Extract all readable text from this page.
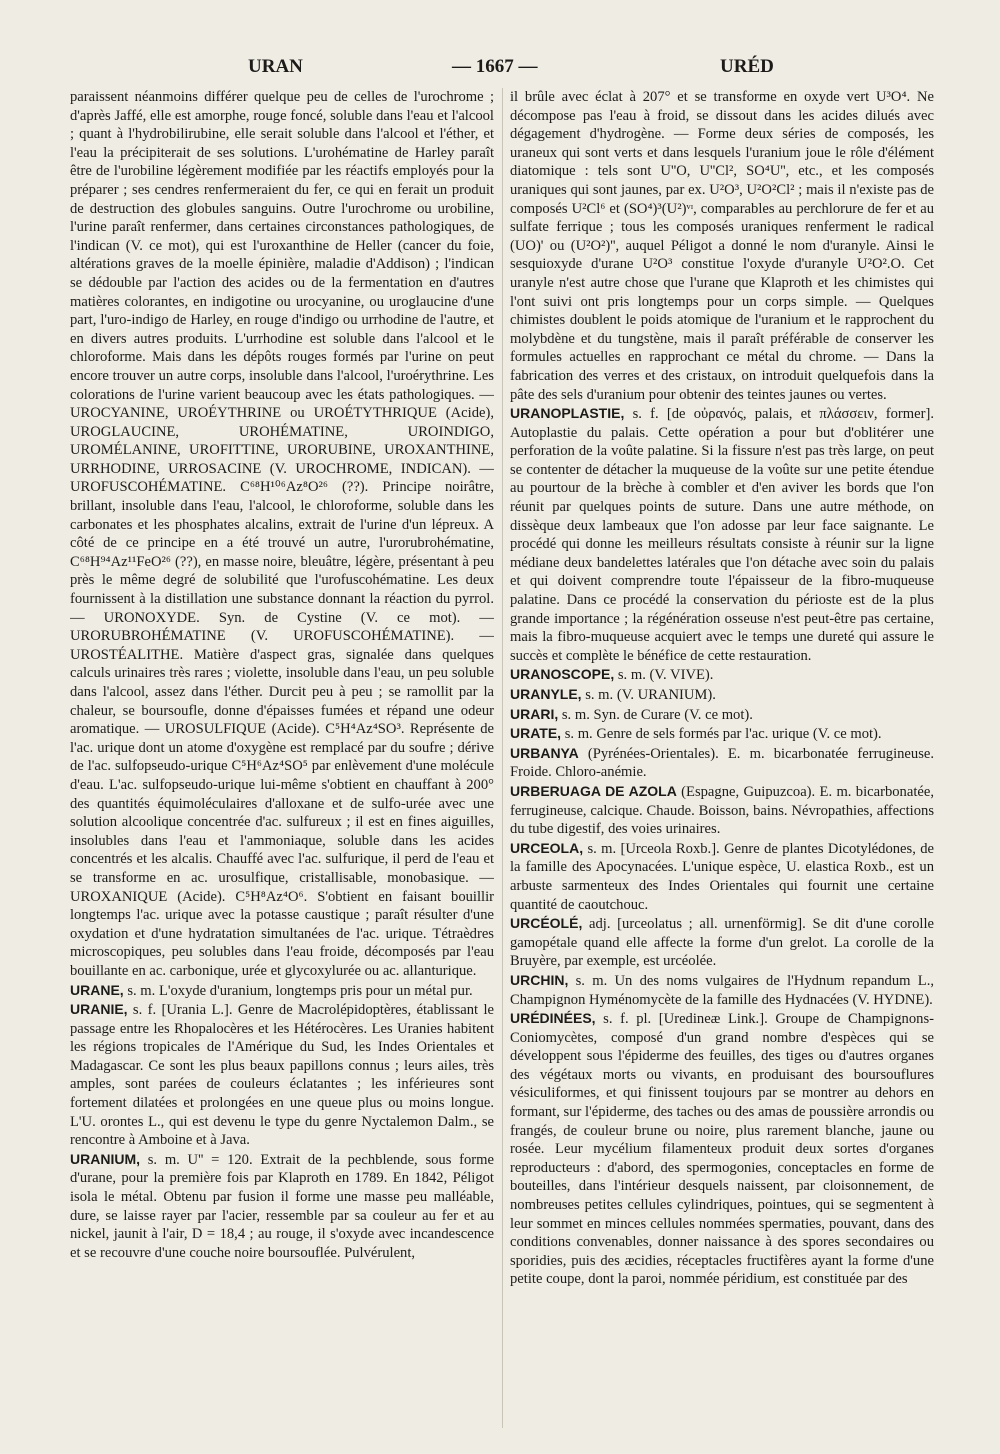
URAN	— 1667 —	URÉD

paraissent néanmoins différer quelque peu de celles de l'urochrome ; d'après Jaffé, elle est amorphe, rouge foncé, soluble dans l'eau et l'alcool ; quant à l'hydrobilirubine, elle serait soluble dans l'alcool et l'éther, et l'eau la précipiterait de ses solutions. L'urohématine de Harley paraît être de l'urobiline légèrement modifiée par les réactifs employés pour la préparer ; ses cendres renfermeraient du fer, ce qui en ferait un produit de destruction des globules sanguins. Outre l'urochrome ou urobiline, l'urine paraît renfermer, dans certaines circonstances pathologiques, de l'indican (V. ce mot), qui est l'uroxanthine de Heller (cancer du foie, altérations graves de la moelle épinière, maladie d'Addison) ; l'indican se dédouble par l'action des acides ou de la fermentation en d'autres matières colorantes, en indigotine ou urocyanine, ou uroglaucine d'une part, l'uro-indigo de Harley, en rouge d'indigo ou urrhodine de l'autre, et en divers autres produits. L'urrhodine est soluble dans l'alcool et le chloroforme. Mais dans les dépôts rouges formés par l'urine on peut encore trouver un autre corps, insoluble dans l'alcool, l'uroérythrine. Les colorations de l'urine varient beaucoup avec les états pathologiques. — UROCYANINE, UROÉYTHRINE ou UROÉTYTHRIQUE (Acide), UROGLAUCINE, UROHÉMATINE, UROINDIGO, UROMÉLANINE, UROFITTINE, URORUBINE, UROXANTHINE, URRHODINE, URROSACINE (V. UROCHROME, INDICAN). — UROFUSCOHÉMATINE. C⁶⁸H¹⁰⁶Az⁸O²⁶ (??). Principe noirâtre, brillant, insoluble dans l'eau, l'alcool, le chloroforme, soluble dans les carbonates et les phosphates alcalins, extrait de l'urine d'un lépreux. A côté de ce principe en a été trouvé un autre, l'urorubrohématine, C⁶⁸H⁹⁴Az¹¹FeO²⁶ (??), en masse noire, bleuâtre, légère, présentant à peu près le même degré de solubilité que l'urofuscohématine. Les deux fournissent à la distillation une substance donnant la réaction du pyrrol. — URONOXYDE. Syn. de Cystine (V. ce mot). — URORUBROHÉMATINE (V. UROFUSCOHÉMATINE). — UROSTÉALITHE. Matière d'aspect gras, signalée dans quelques calculs urinaires très rares ; violette, insoluble dans l'eau, un peu soluble dans l'alcool, assez dans l'éther. Durcit peu à peu ; se ramollit par la chaleur, se boursoufle, donne d'épaisses fumées et répand une odeur aromatique. — UROSULFIQUE (Acide). C⁵H⁴Az⁴SO³. Représente de l'ac. urique dont un atome d'oxygène est remplacé par du soufre ; dérive de l'ac. sulfopseudo-urique C⁵H⁶Az⁴SO⁵ par enlèvement d'une molécule d'eau. L'ac. sulfopseudo-urique lui-même s'obtient en chauffant à 200° des quantités équimoléculaires d'alloxane et de sulfo-urée avec une solution alcoolique concentrée d'ac. sulfureux ; il est en fines aiguilles, insolubles dans l'eau et l'ammoniaque, soluble dans les acides concentrés et les alcalis. Chauffé avec l'ac. sulfurique, il perd de l'eau et se transforme en ac. urosulfique, cristallisable, monobasique. — UROXANIQUE (Acide). C⁵H⁸Az⁴O⁶. S'obtient en faisant bouillir longtemps l'ac. urique avec la potasse caustique ; paraît résulter d'une oxydation et d'une hydratation simultanées de l'ac. urique. Tétraèdres microscopiques, peu solubles dans l'eau froide, décomposés par l'eau bouillante en ac. carbonique, urée et glycoxylurée ou ac. allanturique.

URANE, s. m. L'oxyde d'uranium, longtemps pris pour un métal pur.

URANIE, s. f. [Urania L.]. Genre de Macrolépidoptères, établissant le passage entre les Rhopalocères et les Hétérocères. Les Uranies habitent les régions tropicales de l'Amérique du Sud, les Indes Orientales et Madagascar. Ce sont les plus beaux papillons connus ; leurs ailes, très amples, sont parées de couleurs éclatantes ; les inférieures sont fortement dilatées et prolongées en une queue plus ou moins longue. L'U. orontes L., qui est devenu le type du genre Nyctalemon Dalm., se rencontre à Amboine et à Java.

URANIUM, s. m. U'' = 120. Extrait de la pechblende, sous forme d'urane, pour la première fois par Klaproth en 1789. En 1842, Péligot isola le métal. Obtenu par fusion il forme une masse peu malléable, dure, se laisse rayer par l'acier, ressemble par sa couleur au fer et au nickel, jaunit à l'air, D = 18,4 ; au rouge, il s'oxyde avec incandescence et se recouvre d'une couche noire boursouflée. Pulvérulent,

il brûle avec éclat à 207° et se transforme en oxyde vert U³O⁴. Ne décompose pas l'eau à froid, se dissout dans les acides dilués avec dégagement d'hydrogène. — Forme deux séries de composés, les uraneux qui sont verts et dans lesquels l'uranium joue le rôle d'élément diatomique : tels sont U''O, U''Cl², SO⁴U'', etc., et les composés uraniques qui sont jaunes, par ex. U²O³, U²O²Cl² ; mais il n'existe pas de composés U²Cl⁶ et (SO⁴)³(U²)ᵛᶦ, comparables au perchlorure de fer et au sulfate ferrique ; tous les composés uraniques renferment le radical (UO)' ou (U²O²)'', auquel Péligot a donné le nom d'uranyle. Ainsi le sesquioxyde d'urane U²O³ constitue l'oxyde d'uranyle U²O².O. Cet uranyle n'est autre chose que l'urane que Klaproth et les chimistes qui l'ont suivi ont pris longtemps pour un corps simple. — Quelques chimistes doublent le poids atomique de l'uranium et le rapprochent du molybdène et du tungstène, mais il paraît préférable de conserver les formules actuelles en rapprochant ce métal du chrome. — Dans la fabrication des verres et des cristaux, on introduit quelquefois dans la pâte des sels d'uranium pour obtenir des teintes jaunes ou vertes.

URANOPLASTIE, s. f. [de οὐρανός, palais, et πλάσσειν, former]. Autoplastie du palais. Cette opération a pour but d'oblitérer une perforation de la voûte palatine. Si la fissure n'est pas très large, on peut se contenter de détacher la muqueuse de la voûte sur une petite étendue au pourtour de la brèche à combler et d'en aviver les bords que l'on réunit par quelques points de suture. Dans une autre méthode, on dissèque deux lambeaux que l'on adosse par leur face saignante. Le procédé qui donne les meilleurs résultats consiste à réunir sur la ligne médiane deux bandelettes latérales que l'on détache avec soin du palais et qui doivent comprendre toute l'épaisseur de la fibro-muqueuse palatine. Dans ce procédé la conservation du périoste est de la plus grande importance ; la régénération osseuse n'est peut-être pas certaine, mais la fibro-muqueuse acquiert avec le temps une dureté qui assure le succès et complète le bénéfice de cette restauration.

URANOSCOPE, s. m. (V. VIVE).

URANYLE, s. m. (V. URANIUM).

URARI, s. m. Syn. de Curare (V. ce mot).

URATE, s. m. Genre de sels formés par l'ac. urique (V. ce mot).

URBANYA (Pyrénées-Orientales). E. m. bicarbonatée ferrugineuse. Froide. Chloro-anémie.

URBERUAGA DE AZOLA (Espagne, Guipuzcoa). E. m. bicarbonatée, ferrugineuse, calcique. Chaude. Boisson, bains. Névropathies, affections du tube digestif, des voies urinaires.

URCEOLA, s. m. [Urceola Roxb.]. Genre de plantes Dicotylédones, de la famille des Apocynacées. L'unique espèce, U. elastica Roxb., est un arbuste sarmenteux des Indes Orientales qui fournit une certaine quantité de caoutchouc.

URCÉOLÉ, adj. [urceolatus ; all. urnenförmig]. Se dit d'une corolle gamopétale quand elle affecte la forme d'un grelot. La corolle de la Bruyère, par exemple, est urcéolée.

URCHIN, s. m. Un des noms vulgaires de l'Hydnum repandum L., Champignon Hyménomycète de la famille des Hydnacées (V. HYDNE).

URÉDINÉES, s. f. pl. [Uredineæ Link.]. Groupe de Champignons-Coniomycètes, composé d'un grand nombre d'espèces qui se développent sous l'épiderme des feuilles, des tiges ou d'autres organes des végétaux morts ou vivants, en produisant des boursouflures vésiculiformes, et qui finissent toujours par se montrer au dehors en formant, sur l'épiderme, des taches ou des amas de poussière arrondis ou frangés, de couleur brune ou noire, plus rarement blanche, jaune ou rosée. Leur mycélium filamenteux produit deux sortes d'organes reproducteurs : d'abord, des spermogonies, conceptacles en forme de bouteilles, dans l'intérieur desquels naissent, par cloisonnement, de nombreuses petites cellules cylindriques, pointues, qui se segmentent à leur sommet en minces cellules nommées spermaties, pouvant, dans des conditions convenables, donner naissance à des spores secondaires ou sporidies, puis des æcidies, réceptacles fructifères ayant la forme d'une petite coupe, dont la paroi, nommée péridium, est constituée par des
